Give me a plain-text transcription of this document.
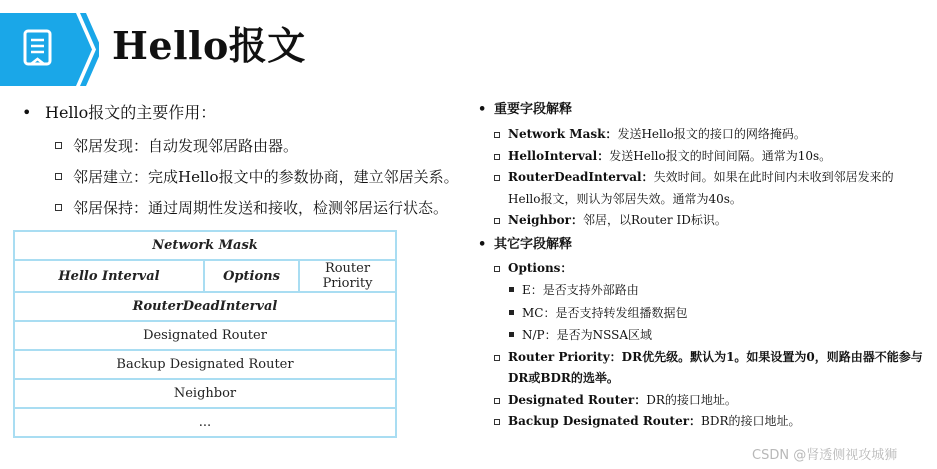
Hello报文
• Hello报文的主要作用：
邻居发现：自动发现邻居路由器。
邻居建立：完成Hello报文中的参数协商，建立邻居关系。
邻居保持：通过周期性发送和接收，检测邻居运行状态。
Network Mask
Hello Interval	Options	Router Priority
RouterDeadInterval
Designated Router
Backup Designated Router
Neighbor
...
• 重要字段解释
Network Mask：发送Hello报文的接口的网络掩码。
HelloInterval：发送Hello报文的时间间隔。通常为10s。
RouterDeadInterval：失效时间。如果在此时间内未收到邻居发来的
Hello报文，则认为邻居失效。通常为40s。
Neighbor：邻居，以Router ID标识。
• 其它字段解释
Options：
E：是否支持外部路由
MC：是否支持转发组播数据包
N/P：是否为NSSA区域
Router Priority：DR优先级。默认为1。如果设置为0，则路由器不能参与
DR或BDR的选举。
Designated Router：DR的接口地址。
Backup Designated Router：BDR的接口地址。
CSDN @肾透侧视攻城狮
